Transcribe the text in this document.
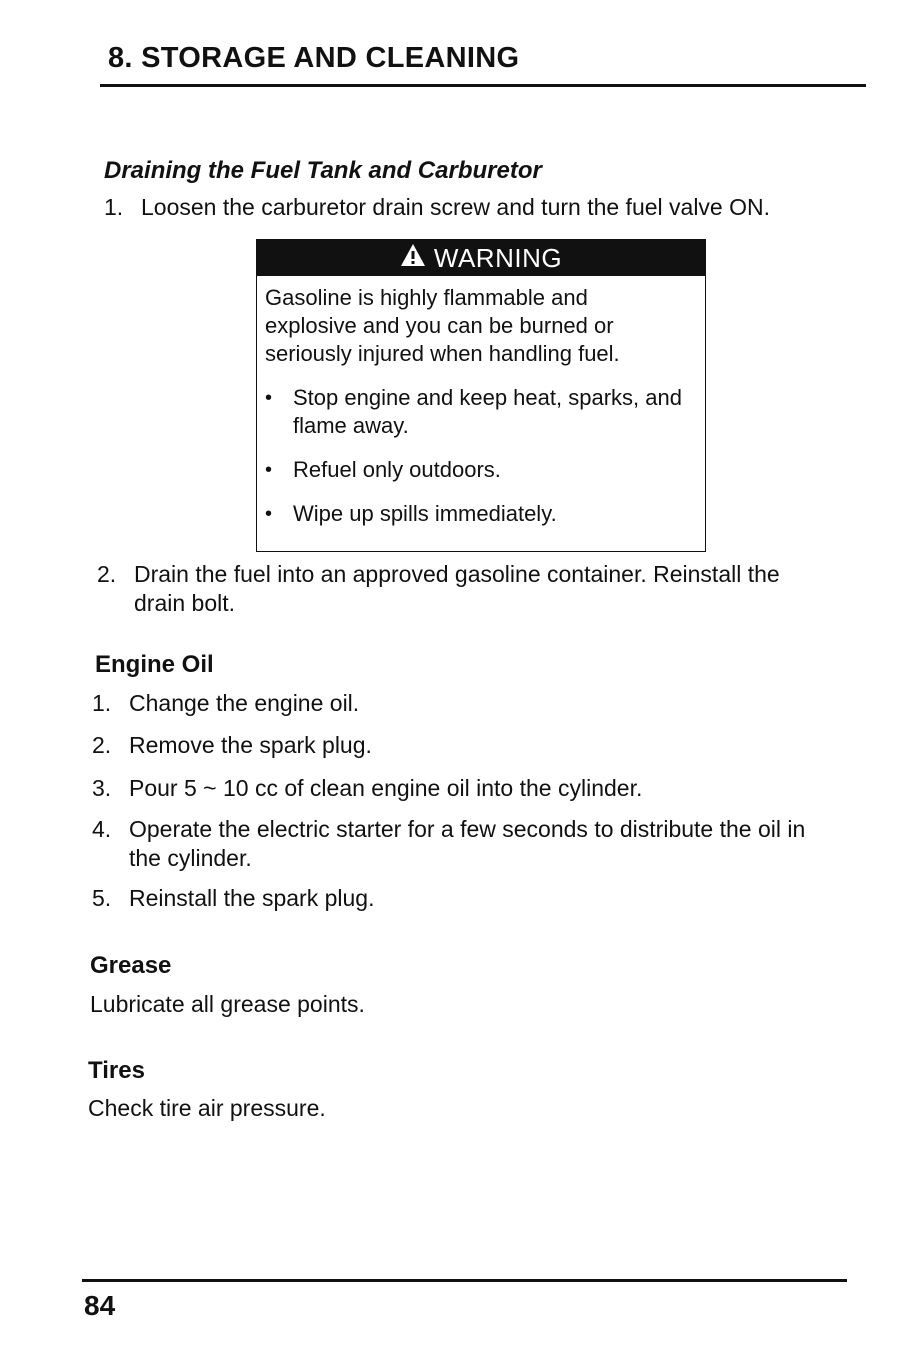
8. STORAGE AND CLEANING
Draining the Fuel Tank and Carburetor
1. Loosen the carburetor drain screw and turn the fuel valve ON.
WARNING
Gasoline is highly flammable and explosive and you can be burned or seriously injured when handling fuel.
• Stop engine and keep heat, sparks, and flame away.
• Refuel only outdoors.
• Wipe up spills immediately.
2. Drain the fuel into an approved gasoline container. Reinstall the drain bolt.
Engine Oil
1. Change the engine oil.
2. Remove the spark plug.
3. Pour 5 ~ 10 cc of clean engine oil into the cylinder.
4. Operate the electric starter for a few seconds to distribute the oil in the cylinder.
5. Reinstall the spark plug.
Grease
Lubricate all grease points.
Tires
Check tire air pressure.
84
